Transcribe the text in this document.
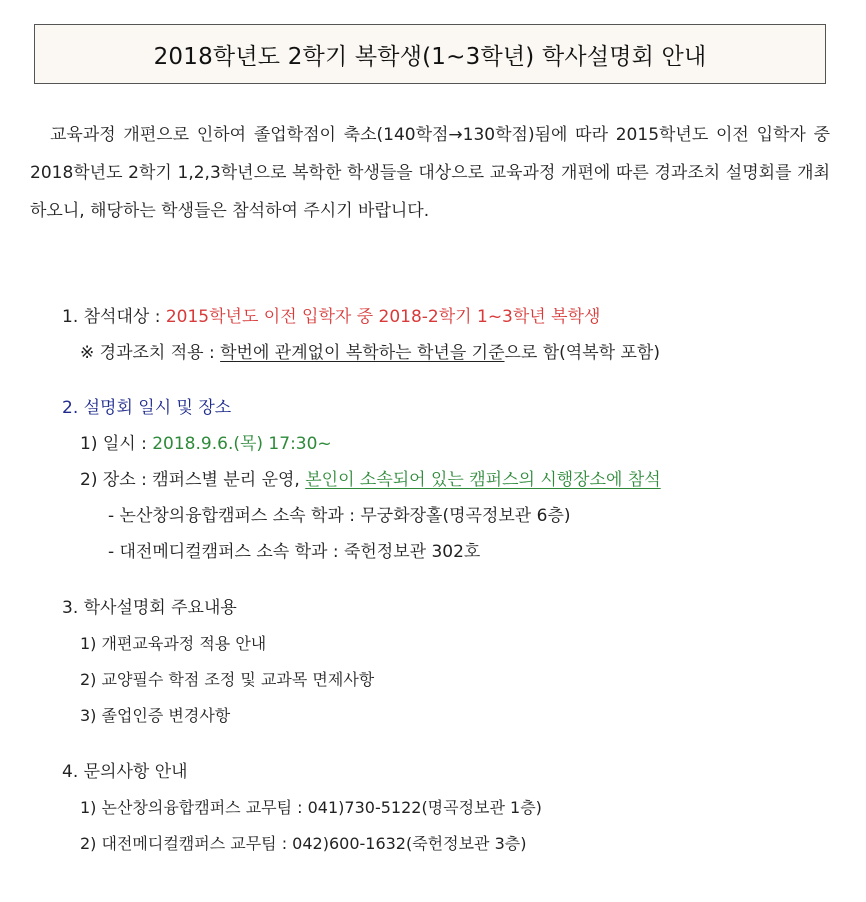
2018학년도 2학기 복학생(1~3학년) 학사설명회 안내

교육과정 개편으로 인하여 졸업학점이 축소(140학점→130학점)됨에 따라 2015학년도 이전 입학자 중 2018학년도 2학기 1,2,3학년으로 복학한 학생들을 대상으로 교육과정 개편에 따른 경과조치 설명회를 개최하오니, 해당하는 학생들은 참석하여 주시기 바랍니다.

1. 참석대상 : 2015학년도 이전 입학자 중 2018-2학기 1~3학년 복학생
※ 경과조치 적용 : 학번에 관계없이 복학하는 학년을 기준으로 함(역복학 포함)
2. 설명회 일시 및 장소
1) 일시 : 2018.9.6.(목) 17:30~
2) 장소 : 캠퍼스별 분리 운영, 본인이 소속되어 있는 캠퍼스의 시행장소에 참석
- 논산창의융합캠퍼스 소속 학과 : 무궁화장홀(명곡정보관 6층)
- 대전메디컬캠퍼스 소속 학과 : 죽헌정보관 302호
3. 학사설명회 주요내용
1) 개편교육과정 적용 안내
2) 교양필수 학점 조정 및 교과목 면제사항
3) 졸업인증 변경사항
4. 문의사항 안내
1) 논산창의융합캠퍼스 교무팀 : 041)730-5122(명곡정보관 1층)
2) 대전메디컬캠퍼스 교무팀 : 042)600-1632(죽헌정보관 3층)
